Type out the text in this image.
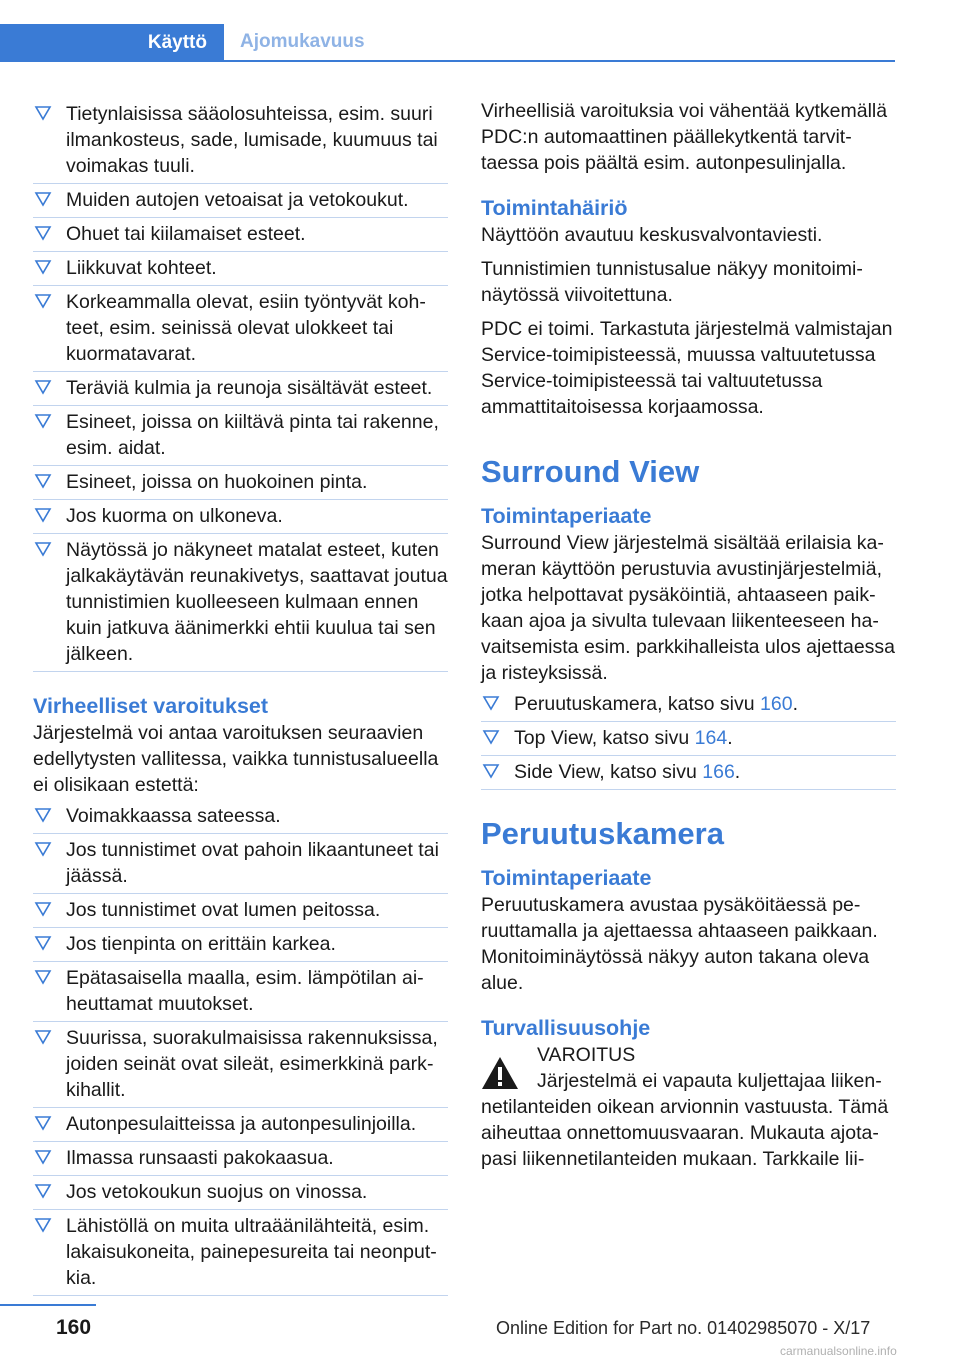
Käyttö	Ajomukavuus
Tietynlaisissa sääolosuhteissa, esim. suuri ilmankosteus, sade, lumisade, kuumuus tai voimakas tuuli.
Muiden autojen vetoaisat ja vetokoukut.
Ohuet tai kiilamaiset esteet.
Liikkuvat kohteet.
Korkeammalla olevat, esiin työntyvät kohteet, esim. seinissä olevat ulokkeet tai kuormatavarat.
Teräviä kulmia ja reunoja sisältävät esteet.
Esineet, joissa on kiiltävä pinta tai rakenne, esim. aidat.
Esineet, joissa on huokoinen pinta.
Jos kuorma on ulkoneva.
Näytössä jo näkyneet matalat esteet, kuten jalkakäytävän reunakivetys, saattavat joutua tunnistimien kuolleeseen kulmaan ennen kuin jatkuva äänimerkki ehtii kuulua tai sen jälkeen.
Virheelliset varoitukset

Järjestelmä voi antaa varoituksen seuraavien edellytysten vallitessa, vaikka tunnistusalueella ei olisikaan estettä:

Voimakkaassa sateessa.
Jos tunnistimet ovat pahoin likaantuneet tai jäässä.
Jos tunnistimet ovat lumen peitossa.
Jos tienpinta on erittäin karkea.
Epätasaisella maalla, esim. lämpötilan aiheuttamat muutokset.
Suurissa, suorakulmaisissa rakennuksissa, joiden seinät ovat sileät, esimerkkinä parkkihallit.
Autonpesulaitteissa ja autonpesulinjoilla.
Ilmassa runsaasti pakokaasua.
Jos vetokoukun suojus on vinossa.
Lähistöllä on muita ultraäänilähteitä, esim. lakaisukoneita, painepesureita tai neonputkia.

Virheellisiä varoituksia voi vähentää kytkemällä PDC:n automaattinen päällekytkentä tarvittaessa pois päältä esim. autonpesulinjalla.

Toimintahäiriö

Näyttöön avautuu keskusvalvontaviesti.

Tunnistimien tunnistusalue näkyy monitoiminäytössä viivoitettuna.

PDC ei toimi. Tarkastuta järjestelmä valmistajan Service-toimipisteessä, muussa valtuutetussa Service-toimipisteessä tai valtuutetussa ammattitaitoisessa korjaamossa.

Surround View
Toimintaperiaate

Surround View järjestelmä sisältää erilaisia kameran käyttöön perustuvia avustinjärjestelmiä, jotka helpottavat pysäköintiä, ahtaaseen paikkaan ajoa ja sivulta tulevaan liikenteeseen havaitsemista esim. parkkihalleista ulos ajettaessa ja risteyksissä.

Peruutuskamera, katso sivu 160.
Top View, katso sivu 164.
Side View, katso sivu 166.
Peruutuskamera
Toimintaperiaate

Peruutuskamera avustaa pysäköitäessä peruuttamalla ja ajettaessa ahtaaseen paikkaan. Monitoiminäytössä näkyy auton takana oleva alue.

Turvallisuusohje
VAROITUS
Järjestelmä ei vapauta kuljettajaa liikennetilanteiden oikean arvionnin vastuusta. Tämä aiheuttaa onnettomuusvaaran. Mukauta ajotapasi liikennetilanteiden mukaan. Tarkkaile lii-
160	Online Edition for Part no. 01402985070 - X/17
carmanualsonline.info
